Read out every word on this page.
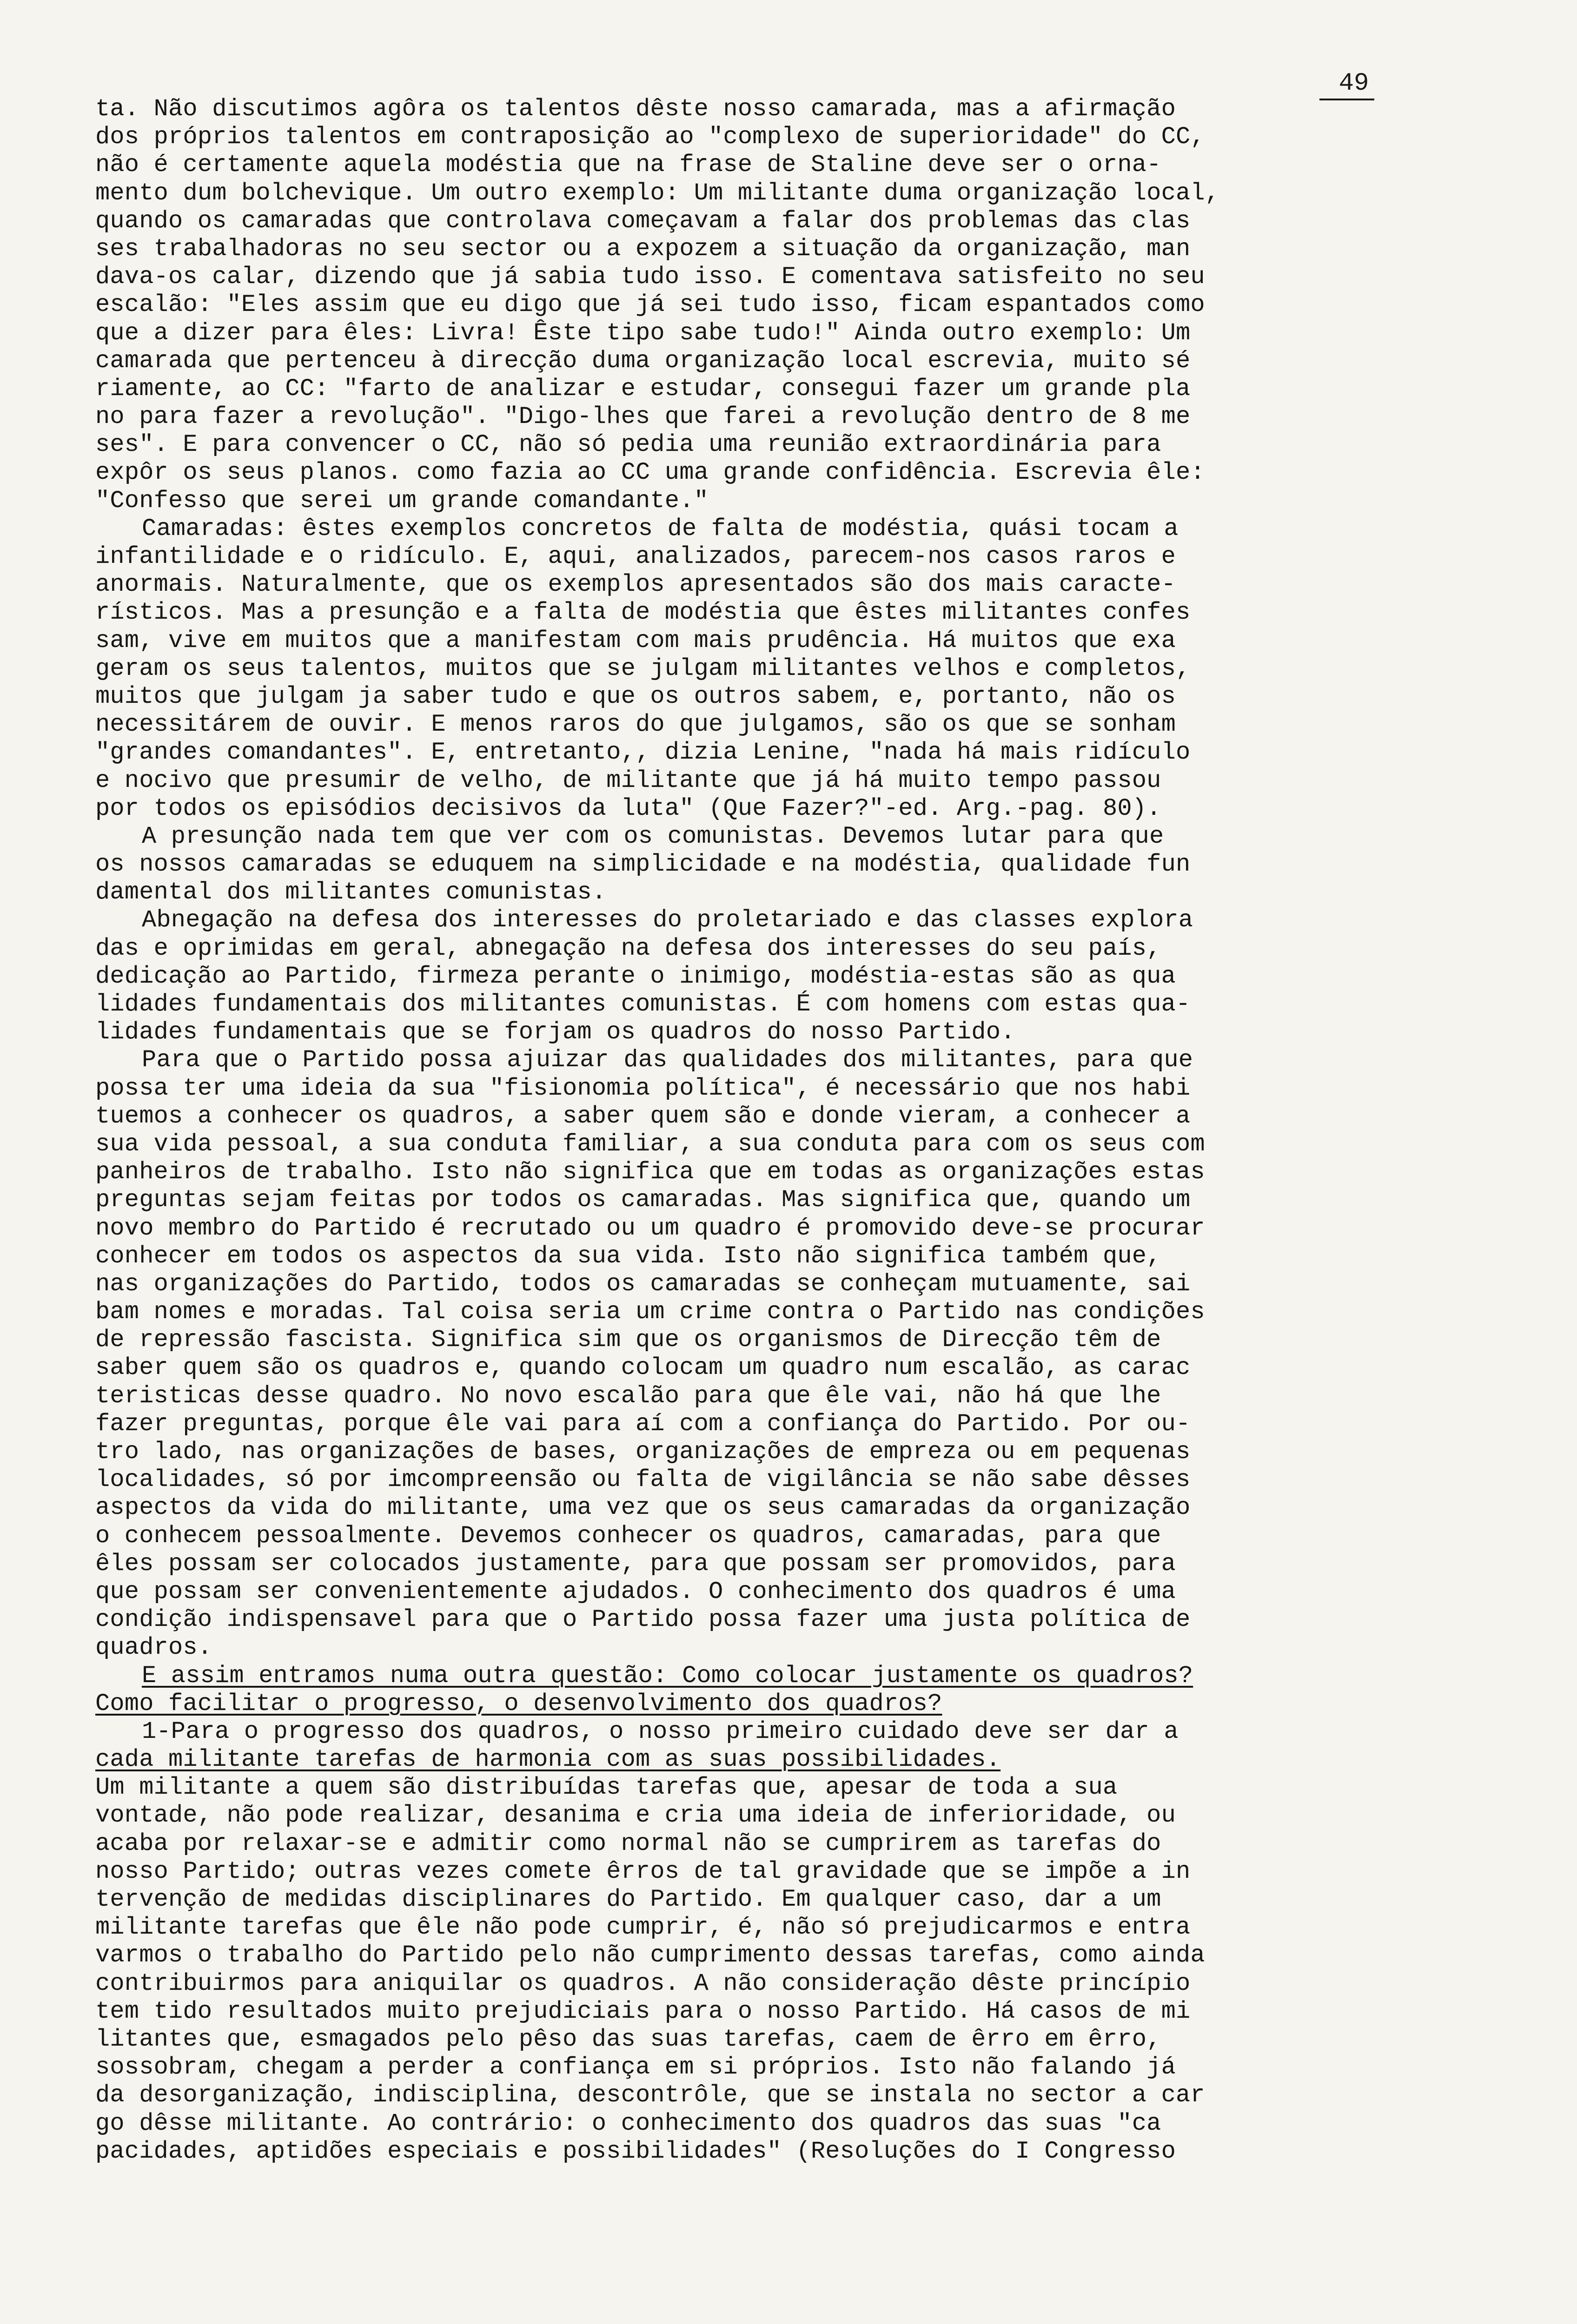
49
ta. Não discutimos agôra os talentos dêste nosso camarada, mas a afirmação
dos próprios talentos em contraposição ao "complexo de superioridade" do CC,
não é certamente aquela modéstia que na frase de Staline deve ser o orna-
mento dum bolchevique. Um outro exemplo: Um militante duma organização local,
quando os camaradas que controlava começavam a falar dos problemas das clas
ses trabalhadoras no seu sector ou a expozem a situação da organização, man
dava-os calar, dizendo que já sabia tudo isso. E comentava satisfeito no seu
escalão: "Eles assim que eu digo que já sei tudo isso, ficam espantados como
que a dizer para êles: Livra! Êste tipo sabe tudo!" Ainda outro exemplo: Um
camarada que pertenceu à direcção duma organização local escrevia, muito sé
riamente, ao CC: "farto de analizar e estudar, consegui fazer um grande pla
no para fazer a revolução". "Digo-lhes que farei a revolução dentro de 8 me
ses". E para convencer o CC, não só pedia uma reunião extraordinária para
expôr os seus planos. como fazia ao CC uma grande confidência. Escrevia êle:
"Confesso que serei um grande comandante."
Camaradas: êstes exemplos concretos de falta de modéstia, quási tocam a
infantilidade e o ridículo. E, aqui, analizados, parecem-nos casos raros e
anormais. Naturalmente, que os exemplos apresentados são dos mais caracte-
rísticos. Mas a presunção e a falta de modéstia que êstes militantes confes
sam, vive em muitos que a manifestam com mais prudência. Há muitos que exa
geram os seus talentos, muitos que se julgam militantes velhos e completos,
muitos que julgam ja saber tudo e que os outros sabem, e, portanto, não os
necessitárem de ouvir. E menos raros do que julgamos, são os que se sonham
"grandes comandantes". E, entretanto,, dizia Lenine, "nada há mais ridículo
e nocivo que presumir de velho, de militante que já há muito tempo passou
por todos os episódios decisivos da luta" (Que Fazer?"-ed. Arg.-pag. 80).
A presunção nada tem que ver com os comunistas. Devemos lutar para que
os nossos camaradas se eduquem na simplicidade e na modéstia, qualidade fun
damental dos militantes comunistas.
Abnegação na defesa dos interesses do proletariado e das classes explora
das e oprimidas em geral, abnegação na defesa dos interesses do seu país,
dedicação ao Partido, firmeza perante o inimigo, modéstia-estas são as qua
lidades fundamentais dos militantes comunistas. É com homens com estas qua-
lidades fundamentais que se forjam os quadros do nosso Partido.
Para que o Partido possa ajuizar das qualidades dos militantes, para que
possa ter uma ideia da sua "fisionomia política", é necessário que nos habi
tuemos a conhecer os quadros, a saber quem são e donde vieram, a conhecer a
sua vida pessoal, a sua conduta familiar, a sua conduta para com os seus com
panheiros de trabalho. Isto não significa que em todas as organizações estas
preguntas sejam feitas por todos os camaradas. Mas significa que, quando um
novo membro do Partido é recrutado ou um quadro é promovido deve-se procurar
conhecer em todos os aspectos da sua vida. Isto não significa também que,
nas organizações do Partido, todos os camaradas se conheçam mutuamente, sai
bam nomes e moradas. Tal coisa seria um crime contra o Partido nas condições
de repressão fascista. Significa sim que os organismos de Direcção têm de
saber quem são os quadros e, quando colocam um quadro num escalão, as carac
teristicas desse quadro. No novo escalão para que êle vai, não há que lhe
fazer preguntas, porque êle vai para aí com a confiança do Partido. Por ou-
tro lado, nas organizações de bases, organizações de empreza ou em pequenas
localidades, só por imcompreensão ou falta de vigilância se não sabe dêsses
aspectos da vida do militante, uma vez que os seus camaradas da organização
o conhecem pessoalmente. Devemos conhecer os quadros, camaradas, para que
êles possam ser colocados justamente, para que possam ser promovidos, para
que possam ser convenientemente ajudados. O conhecimento dos quadros é uma
condição indispensavel para que o Partido possa fazer uma justa política de
quadros.
E assim entramos numa outra questão: Como colocar justamente os quadros?
Como facilitar o progresso, o desenvolvimento dos quadros?
1-Para o progresso dos quadros, o nosso primeiro cuidado deve ser dar a
cada militante tarefas de harmonia com as suas possibilidades.
Um militante a quem são distribuídas tarefas que, apesar de toda a sua
vontade, não pode realizar, desanima e cria uma ideia de inferioridade, ou
acaba por relaxar-se e admitir como normal não se cumprirem as tarefas do
nosso Partido; outras vezes comete êrros de tal gravidade que se impõe a in
tervenção de medidas disciplinares do Partido. Em qualquer caso, dar a um
militante tarefas que êle não pode cumprir, é, não só prejudicarmos e entra
varmos o trabalho do Partido pelo não cumprimento dessas tarefas, como ainda
contribuirmos para aniquilar os quadros. A não consideração dêste princípio
tem tido resultados muito prejudiciais para o nosso Partido. Há casos de mi
litantes que, esmagados pelo pêso das suas tarefas, caem de êrro em êrro,
sossobram, chegam a perder a confiança em si próprios. Isto não falando já
da desorganização, indisciplina, descontrôle, que se instala no sector a car
go dêsse militante. Ao contrário: o conhecimento dos quadros das suas "ca
pacidades, aptidões especiais e possibilidades" (Resoluções do I Congresso
